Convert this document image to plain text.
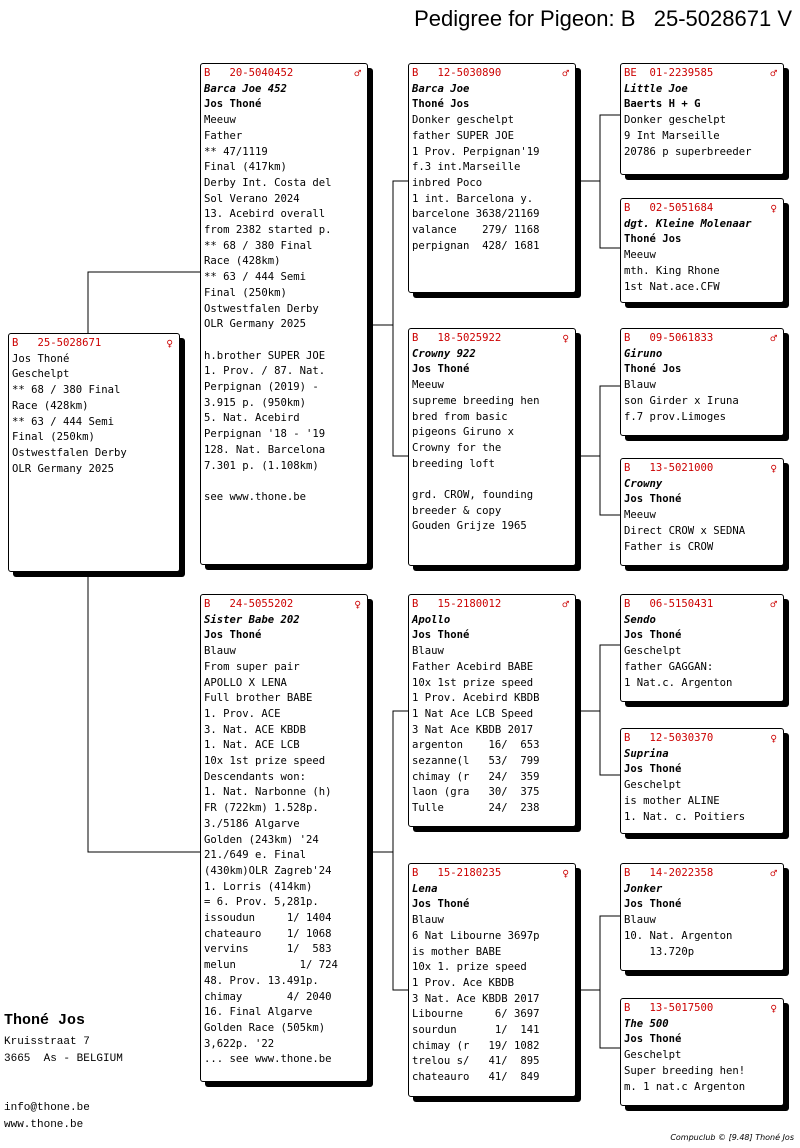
Pedigree for Pigeon: B   25-5028671 V
B   25-5028671	♀
Jos Thoné
Geschelpt
** 68 / 380 Final
Race (428km)
** 63 / 444 Semi
Final (250km)
Ostwestfalen Derby
OLR Germany 2025
B   20-5040452	♂
Barca Joe 452
Jos Thoné
Meeuw
Father
** 47/1119
Final (417km)
Derby Int. Costa del
Sol Verano 2024
13. Acebird overall
from 2382 started p.
** 68 / 380 Final
Race (428km)
** 63 / 444 Semi
Final (250km)
Ostwestfalen Derby
OLR Germany 2025

h.brother SUPER JOE
1. Prov. / 87. Nat.
Perpignan (2019) -
3.915 p. (950km)
5. Nat. Acebird
Perpignan '18 - '19
128. Nat. Barcelona
7.301 p. (1.108km)

see www.thone.be
B   24-5055202	♀
Sister Babe 202
Jos Thoné
Blauw
From super pair
APOLLO X LENA
Full brother BABE
1. Prov. ACE
3. Nat. ACE KBDB
1. Nat. ACE LCB
10x 1st prize speed
Descendants won:
1. Nat. Narbonne (h)
FR (722km) 1.528p.
3./5186 Algarve
Golden (243km) '24
21./649 e. Final
(430km)OLR Zagreb'24
1. Lorris (414km)
= 6. Prov. 5,281p.
issoudun     1/ 1404
chateauro    1/ 1068
vervins      1/  583
melun          1/ 724
48. Prov. 13.491p.
chimay       4/ 2040
16. Final Algarve
Golden Race (505km)
3,622p. '22
... see www.thone.be
B   12-5030890	♂
Barca Joe
Thoné Jos
Donker geschelpt
father SUPER JOE
1 Prov. Perpignan'19
f.3 int.Marseille
inbred Poco
1 int. Barcelona y.
barcelone 3638/21169
valance    279/ 1168
perpignan  428/ 1681
B   18-5025922	♀
Crowny 922
Jos Thoné
Meeuw
supreme breeding hen
bred from basic
pigeons Giruno x
Crowny for the
breeding loft

grd. CROW, founding
breeder & copy
Gouden Grijze 1965
B   15-2180012	♂
Apollo
Jos Thoné
Blauw
Father Acebird BABE
10x 1st prize speed
1 Prov. Acebird KBDB
1 Nat Ace LCB Speed
3 Nat Ace KBDB 2017
argenton    16/  653
sezanne(l   53/  799
chimay (r   24/  359
laon (gra   30/  375
Tulle       24/  238
B   15-2180235	♀
Lena
Jos Thoné
Blauw
6 Nat Libourne 3697p
is mother BABE
10x 1. prize speed
1 Prov. Ace KBDB
3 Nat. Ace KBDB 2017
Libourne     6/ 3697
sourdun      1/  141
chimay (r   19/ 1082
trelou s/   41/  895
chateauro   41/  849
BE  01-2239585	♂
Little Joe
Baerts H + G
Donker geschelpt
9 Int Marseille
20786 p superbreeder
B   02-5051684	♀
dgt. Kleine Molenaar
Thoné Jos
Meeuw
mth. King Rhone
1st Nat.ace.CFW
B   09-5061833	♂
Giruno
Thoné Jos
Blauw
son Girder x Iruna
f.7 prov.Limoges
B   13-5021000	♀
Crowny
Jos Thoné
Meeuw
Direct CROW x SEDNA
Father is CROW
B   06-5150431	♂
Sendo
Jos Thoné
Geschelpt
father GAGGAN:
1 Nat.c. Argenton
B   12-5030370	♀
Suprina
Jos Thoné
Geschelpt
is mother ALINE
1. Nat. c. Poitiers
B   14-2022358	♂
Jonker
Jos Thoné
Blauw
10. Nat. Argenton
13.720p
B   13-5017500	♀
The 500
Jos Thoné
Geschelpt
Super breeding hen!
m. 1 nat.c Argenton
Thoné Jos
Kruisstraat 7
3665  As - BELGIUM
info@thone.be
www.thone.be
Compuclub © [9.48] Thoné Jos
